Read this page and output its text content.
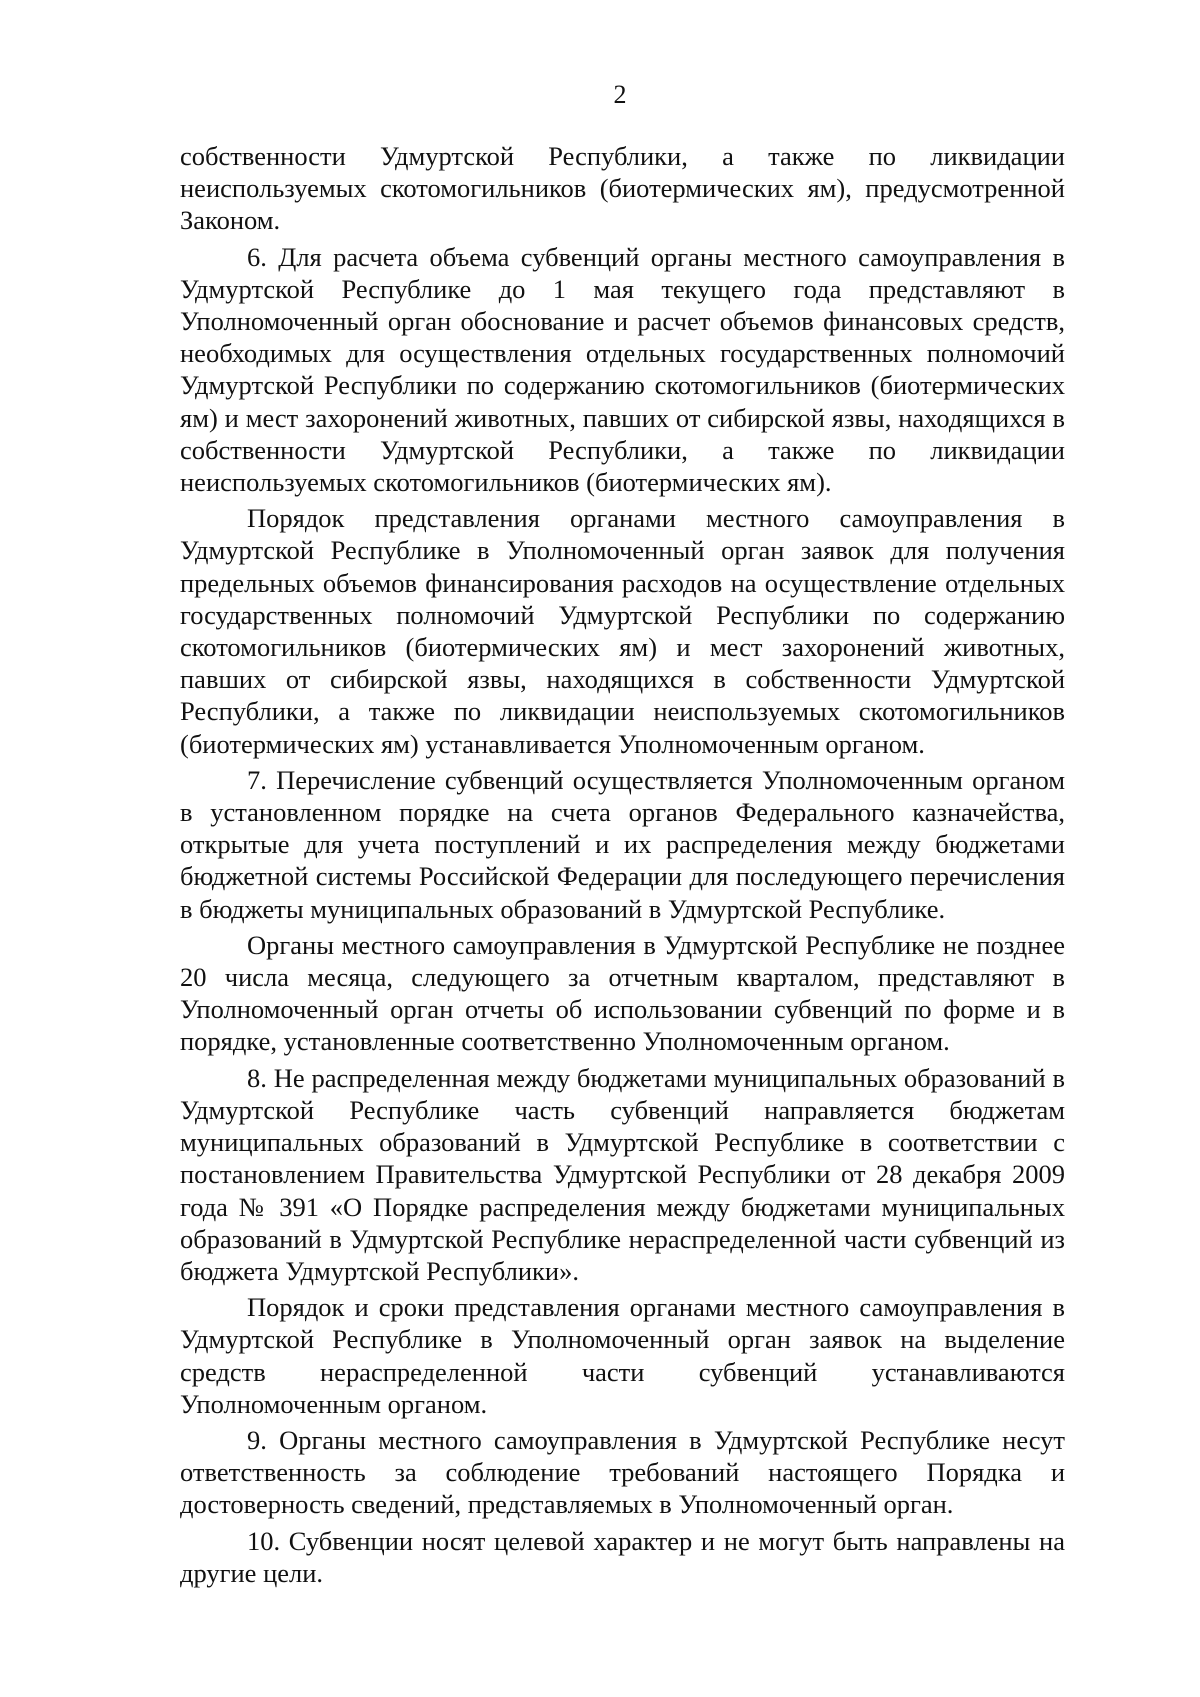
2

собственности Удмуртской Республики, а также по ликвидации неиспользуемых скотомогильников (биотермических ям), предусмотренной Законом.

6. Для расчета объема субвенций органы местного самоуправления в Удмуртской Республике до 1 мая текущего года представляют в Уполномоченный орган обоснование и расчет объемов финансовых средств, необходимых для осуществления отдельных государственных полномочий Удмуртской Республики по содержанию скотомогильников (биотермических ям) и мест захоронений животных, павших от сибирской язвы, находящихся в собственности Удмуртской Республики, а также по ликвидации неиспользуемых скотомогильников (биотермических ям).

Порядок представления органами местного самоуправления в Удмуртской Республике в Уполномоченный орган заявок для получения предельных объемов финансирования расходов на осуществление отдельных государственных полномочий Удмуртской Республики по содержанию скотомогильников (биотермических ям) и мест захоронений животных, павших от сибирской язвы, находящихся в собственности Удмуртской Республики, а также по ликвидации неиспользуемых скотомогильников (биотермических ям) устанавливается Уполномоченным органом.

7. Перечисление субвенций осуществляется Уполномоченным органом в установленном порядке на счета органов Федерального казначейства, открытые для учета поступлений и их распределения между бюджетами бюджетной системы Российской Федерации для последующего перечисления в бюджеты муниципальных образований в Удмуртской Республике.

Органы местного самоуправления в Удмуртской Республике не позднее 20 числа месяца, следующего за отчетным кварталом, представляют в Уполномоченный орган отчеты об использовании субвенций по форме и в порядке, установленные соответственно Уполномоченным органом.

8. Не распределенная между бюджетами муниципальных образований в Удмуртской Республике часть субвенций направляется бюджетам муниципальных образований в Удмуртской Республике в соответствии с постановлением Правительства Удмуртской Республики от 28 декабря 2009 года № 391 «О Порядке распределения между бюджетами муниципальных образований в Удмуртской Республике нераспределенной части субвенций из бюджета Удмуртской Республики».

Порядок и сроки представления органами местного самоуправления в Удмуртской Республике в Уполномоченный орган заявок на выделение средств нераспределенной части субвенций устанавливаются Уполномоченным органом.

9. Органы местного самоуправления в Удмуртской Республике несут ответственность за соблюдение требований настоящего Порядка и достоверность сведений, представляемых в Уполномоченный орган.

10. Субвенции носят целевой характер и не могут быть направлены на другие цели.
